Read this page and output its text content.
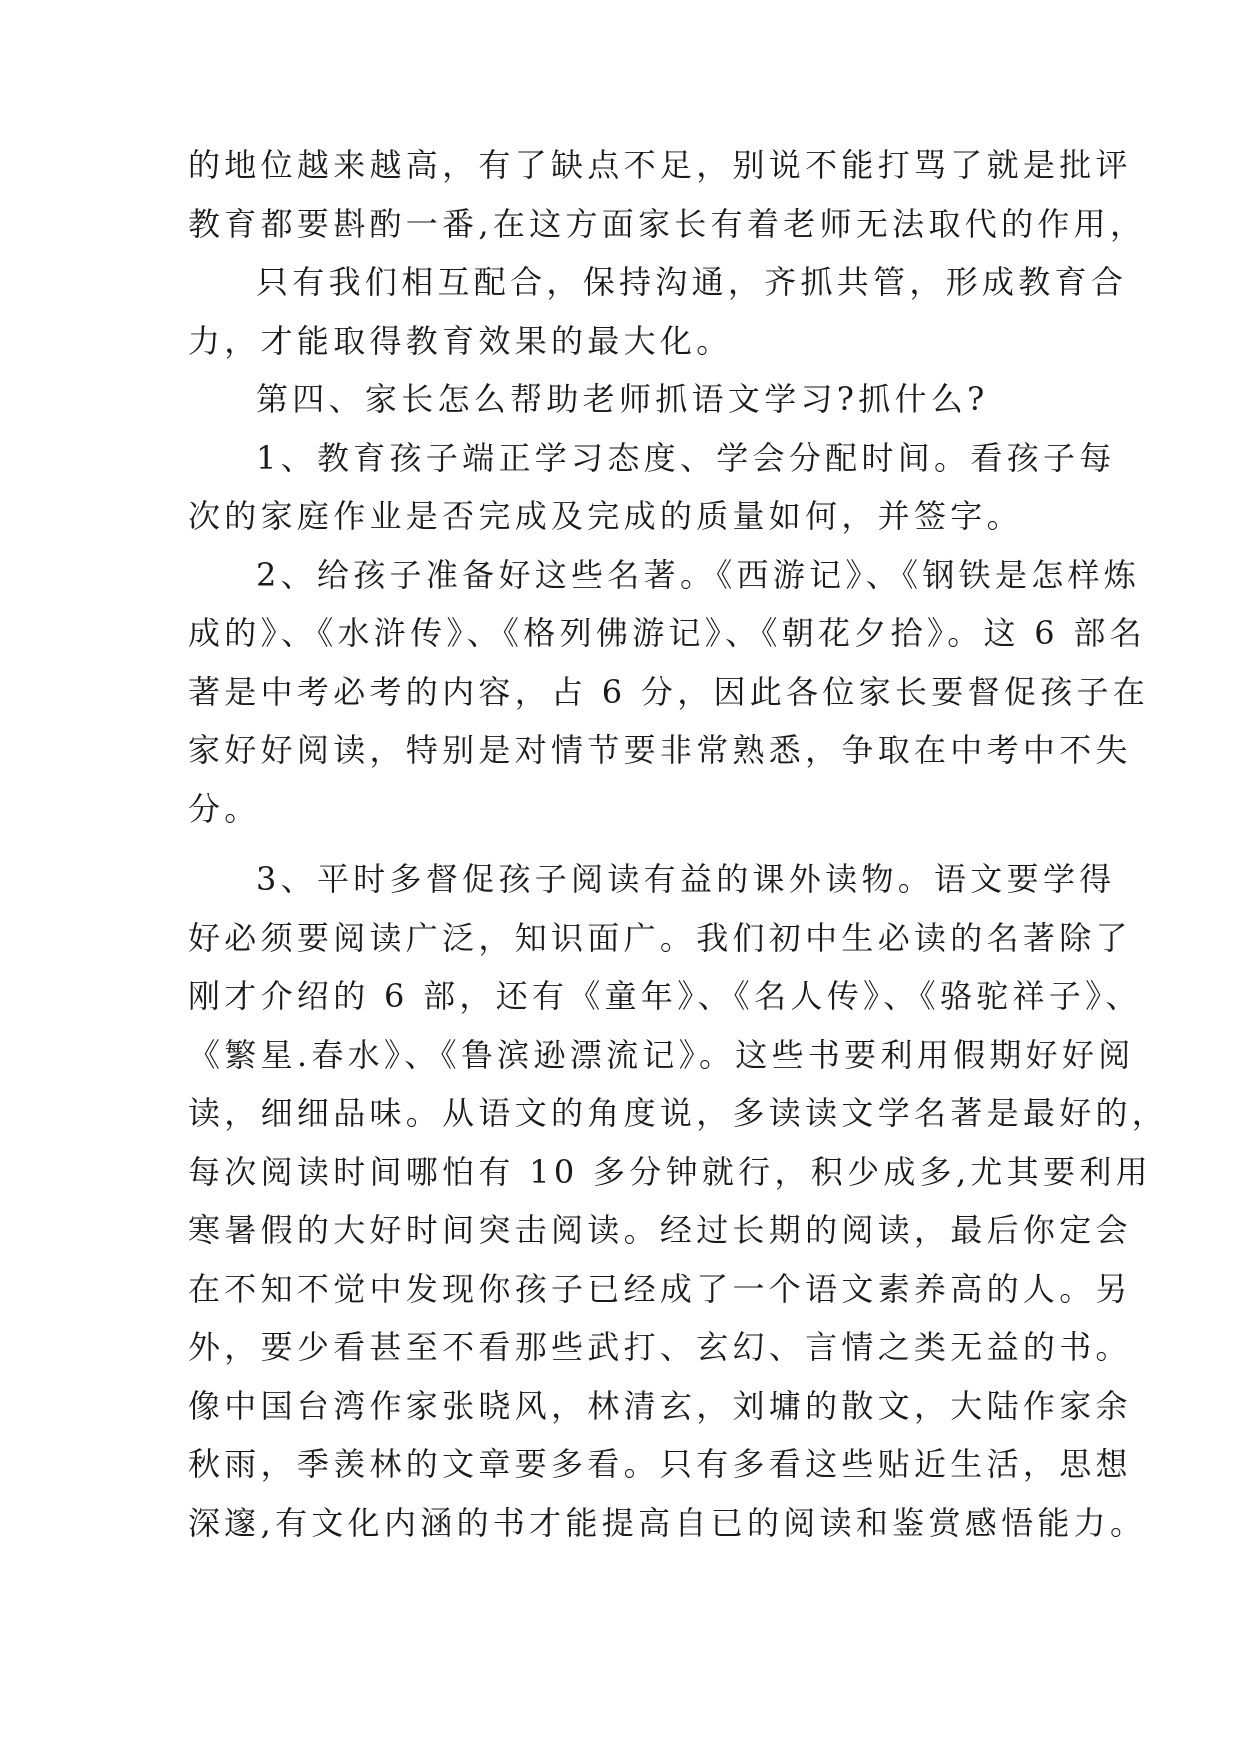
的地位越来越高，有了缺点不足，别说不能打骂了就是批评
教育都要斟酌一番,在这方面家长有着老师无法取代的作用，
只有我们相互配合，保持沟通，齐抓共管，形成教育合
力，才能取得教育效果的最大化。
第四、家长怎么帮助老师抓语文学习?抓什么?
1、教育孩子端正学习态度、学会分配时间。看孩子每
次的家庭作业是否完成及完成的质量如何，并签字。
2、给孩子准备好这些名著。《西游记》、《钢铁是怎样炼
成的》、《水浒传》、《格列佛游记》、《朝花夕拾》。这 6 部名
著是中考必考的内容，占 6 分，因此各位家长要督促孩子在
家好好阅读，特别是对情节要非常熟悉，争取在中考中不失
分。
3、平时多督促孩子阅读有益的课外读物。语文要学得
好必须要阅读广泛，知识面广。我们初中生必读的名著除了
刚才介绍的 6 部，还有《童年》、《名人传》、《骆驼祥子》、
《繁星.春水》、《鲁滨逊漂流记》。这些书要利用假期好好阅
读，细细品味。从语文的角度说，多读读文学名著是最好的，
每次阅读时间哪怕有 10 多分钟就行，积少成多,尤其要利用
寒暑假的大好时间突击阅读。经过长期的阅读，最后你定会
在不知不觉中发现你孩子已经成了一个语文素养高的人。另
外，要少看甚至不看那些武打、玄幻、言情之类无益的书。
像中国台湾作家张晓风，林清玄，刘墉的散文，大陆作家余
秋雨，季羡林的文章要多看。只有多看这些贴近生活，思想
深邃,有文化内涵的书才能提高自已的阅读和鉴赏感悟能力。
